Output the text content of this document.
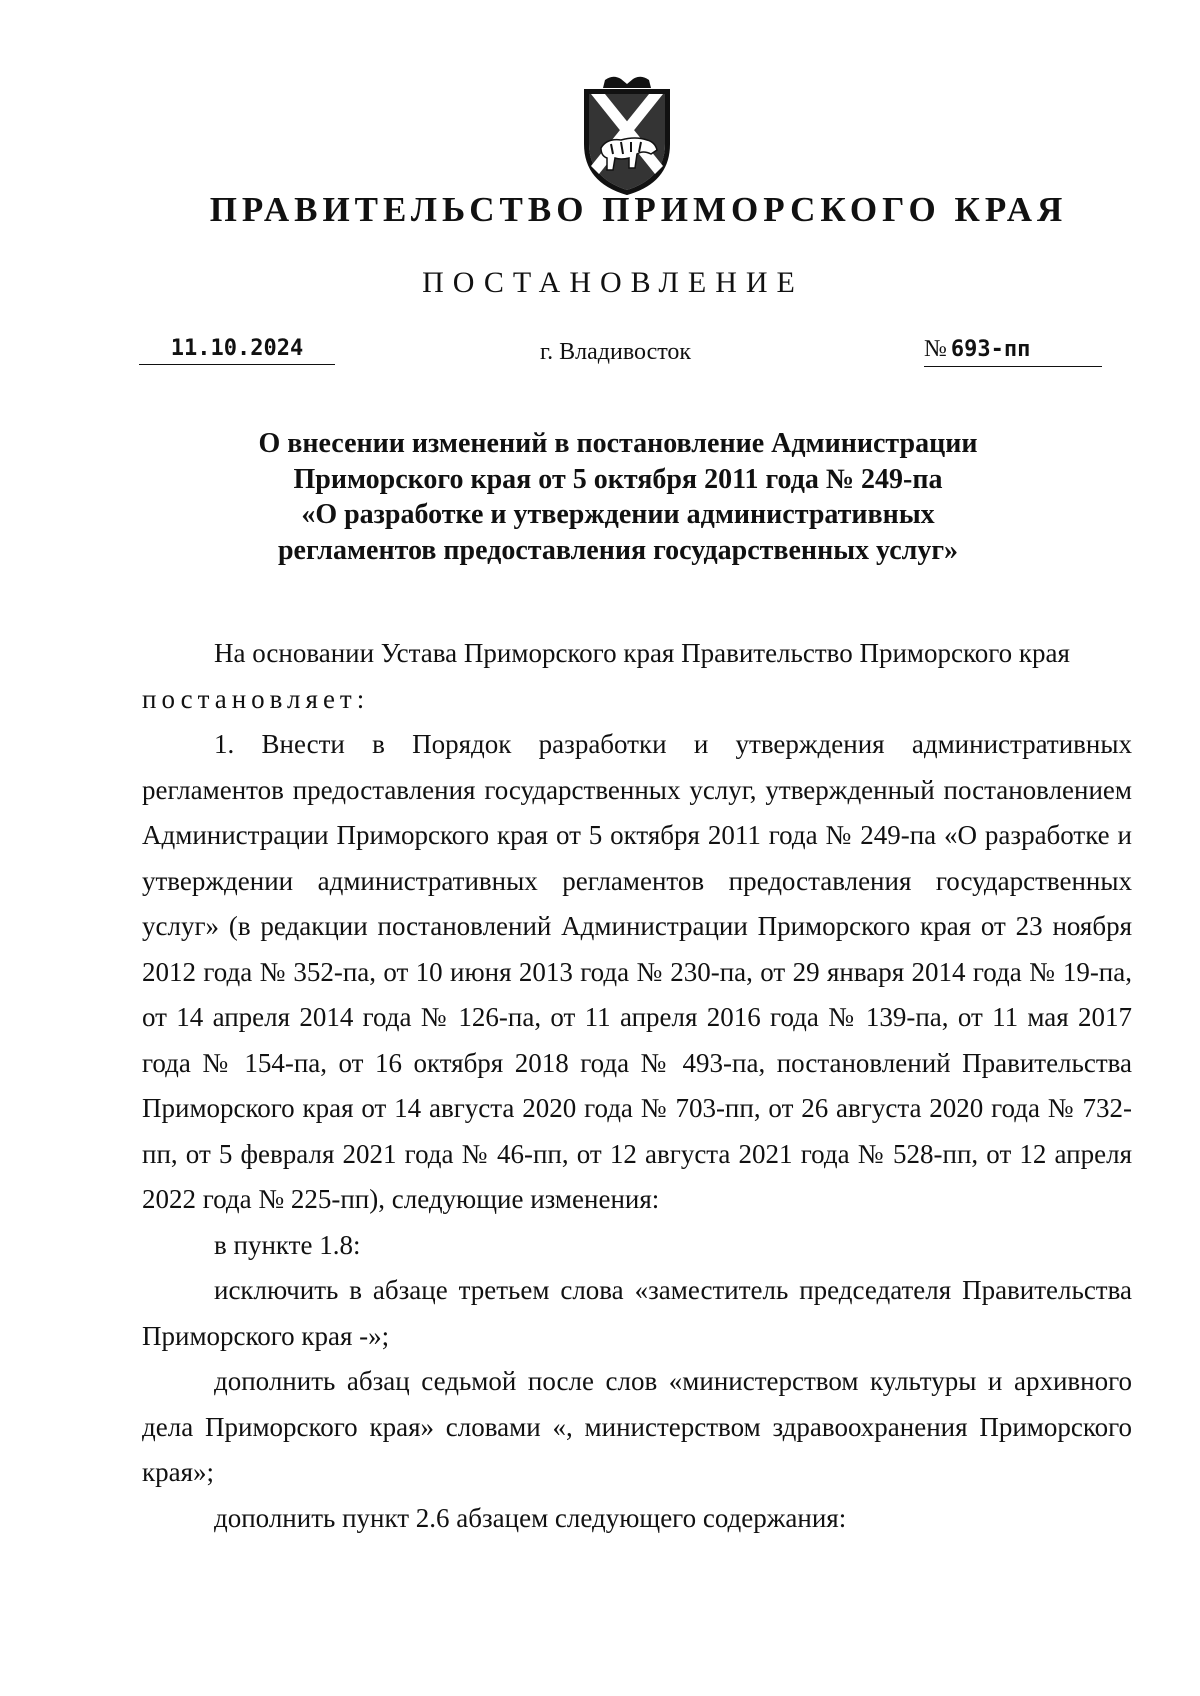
ПРАВИТЕЛЬСТВО ПРИМОРСКОГО КРАЯ
ПОСТАНОВЛЕНИЕ
11.10.2024	г. Владивосток	№ 693-пп
О внесении изменений в постановление Администрации
Приморского края от 5 октября 2011 года № 249-па
«О разработке и утверждении административных
регламентов предоставления государственных услуг»

На основании Устава Приморского края Правительство Приморского края

постановляет:

1. Внести в Порядок разработки и утверждения административных регламентов предоставления государственных услуг, утвержденный постановлением Администрации Приморского края от 5 октября 2011 года № 249-па «О разработке и утверждении административных регламентов предоставления государственных услуг» (в редакции постановлений Администрации Приморского края от 23 ноября 2012 года № 352-па, от 10 июня 2013 года № 230-па, от 29 января 2014 года № 19-па, от 14 апреля 2014 года № 126-па, от 11 апреля 2016 года № 139-па, от 11 мая 2017 года № 154-па, от 16 октября 2018 года № 493-па, постановлений Правительства Приморского края от 14 августа 2020 года № 703-пп, от 26 августа 2020 года № 732-пп, от 5 февраля 2021 года № 46-пп, от 12 августа 2021 года № 528-пп, от 12 апреля 2022 года № 225-пп), следующие изменения:

в пункте 1.8:

исключить в абзаце третьем слова «заместитель председателя Правительства Приморского края -»;

дополнить абзац седьмой после слов «министерством культуры и архивного дела Приморского края» словами «, министерством здравоохранения Приморского края»;

дополнить пункт 2.6 абзацем следующего содержания:
